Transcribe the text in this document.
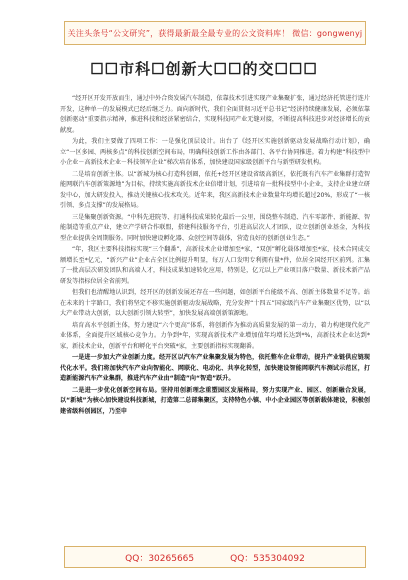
关注头条号“公文研究”，获得最新最全最专业的公文资料库！ 微信：gongwenyj
☐☐市科☐创新大☐☐的交☐☐☐

“经开区开发开放而生，通过中外合资发展汽车制造，依靠技术引进实现产业集聚扩张，通过经济托管进行连片开发，这种单一的发展模式已经后继乏力。面向新时代，我们全面贯彻习近平总书记“经济持续健康发展，必须依靠创新驱动”重要指示精神，推进科技和经济紧密结合，实现科技同产业无缝对接，不断提高科技进步对经济增长的贡献度。

为此，我们主要做了四项工作：一是强化顶层设计。出台了《经开区实施创新驱动发展战略行动计划》，确立“一区多园、两核多点”的科技创新空间布局，明确科技创新工作由各部门、各平台协同推进。着力构建“科技型中小企业－高新技术企业－科技领军企业”梯次培育体系，加快建设国家级创新平台与新型研发机构。

二是培育创新主体。以“新城为核心打造科创圈，依托+经开区建设省级高新区，依托既有汽车产业集群打造智能网联汽车创新策源地”为目标，持续实施高新技术企业倍增计划，引进培育一批科技型中小企业，支持企业建立研发中心，加大研发投入，推动关键核心技术攻关。近年来，我区高新技术企业数量年均增长超过20%，形成了“一核引领、多点支撑”的发展格局。

三是集聚创新资源。“中科先进院等、打通科技成果转化最后一公里，围绕整车制造、汽车零部件、新能源、智能制造等重点产业，建立产学研合作联盟，搭建科技服务平台，引进高层次人才团队，设立创新创业基金，为科技型企业提供全周期服务。同时加快建设孵化器、众创空间等载体，营造良好的创新创业生态。”

“年，我区主要科技指标实现“三个翻番”，高新技术企业增加至*家，“双创”孵化载体增加至*家，技术合同成交额增长至*亿元，“新兴产业”企业占全区比例提升明显，每万人口发明专利拥有量*件，位居全国经开区前列。汇集了一批高层次研发团队和高端人才，科技成果加速转化应用，特别是，亿元以上产业项目落户数量、新技术新产品研发等指标位居全省前列。

但我们也清醒地认识到，经开区的创新发展还存在一些问题，如创新平台能级不高、创新主体数量不足等。站在未来的十字路口，我们将坚定不移实施创新驱动发展战略，充分发挥“十四五”国家级汽车产业集聚区优势，以“以大产业带动大创新，以大创新引领大转型”，加快发展高端创新策源地。

培育高水平创新主体，努力建设“六个更高”体系，将创新作为推动高质量发展的第一动力，着力构建现代化产业体系，全面提升区域核心竞争力。力争到*年，实现高新技术产业增加值年均增长达到*%，高新技术企业达到*家，新技术企业，创新平台和孵化平台突破*家，主要创新指标实现翻番。

一是进一步加大产业创新力度。经开区以汽车产业集聚发展为特色，依托整车企业带动，提升产业链供应链现代化水平。我们将加快汽车产业向智能化、网联化、电动化、共享化转型，加快建设智能网联汽车测试示范区，打造新能源汽车产业集群，推进汽车产业由“制造”向“智造”跃升。

二是进一步优化创新空间布局。坚持用创新理念重塑园区发展格局，努力实现产业、园区、创新融合发展，以“新城”为核心加快建设科技新城，打造第二总部集聚区，支持特色小镇、中小企业园区等创新载体建设，积极创建省级科创园区，乃至申

QQ：30265665	QQ：535304092
